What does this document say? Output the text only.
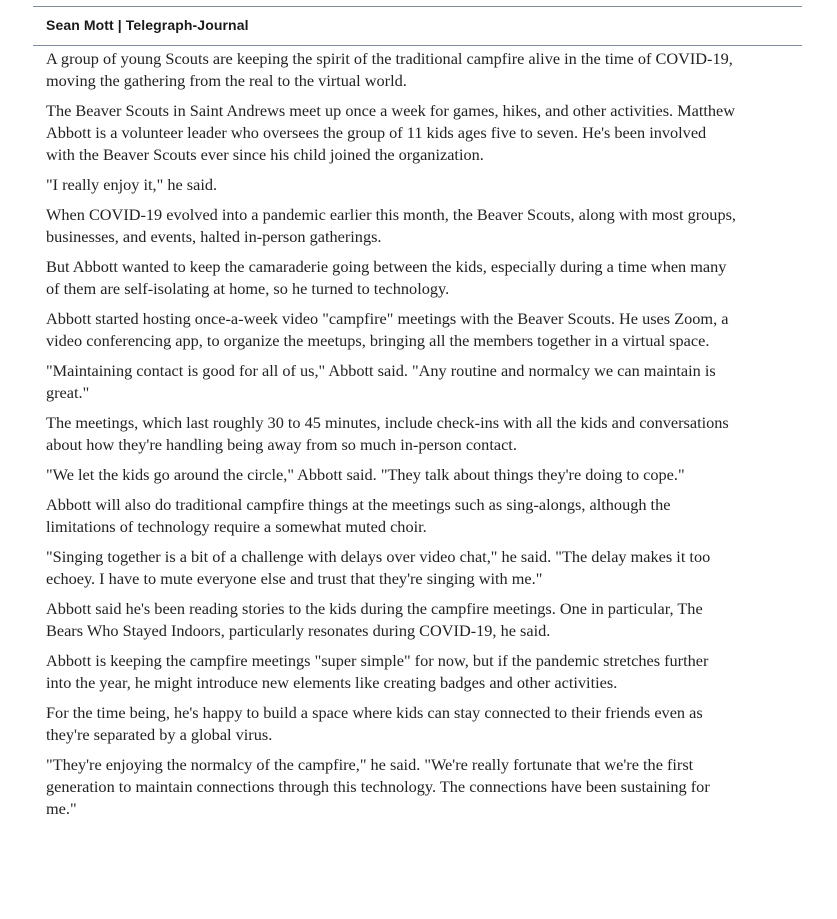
Sean Mott | Telegraph-Journal

A group of young Scouts are keeping the spirit of the traditional campfire alive in the time of COVID-19, moving the gathering from the real to the virtual world.

The Beaver Scouts in Saint Andrews meet up once a week for games, hikes, and other activities. Matthew Abbott is a volunteer leader who oversees the group of 11 kids ages five to seven. He's been involved with the Beaver Scouts ever since his child joined the organization.

"I really enjoy it," he said.

When COVID-19 evolved into a pandemic earlier this month, the Beaver Scouts, along with most groups, businesses, and events, halted in-person gatherings.

But Abbott wanted to keep the camaraderie going between the kids, especially during a time when many of them are self-isolating at home, so he turned to technology.

Abbott started hosting once-a-week video "campfire" meetings with the Beaver Scouts. He uses Zoom, a video conferencing app, to organize the meetups, bringing all the members together in a virtual space.

"Maintaining contact is good for all of us," Abbott said. "Any routine and normalcy we can maintain is great."

The meetings, which last roughly 30 to 45 minutes, include check-ins with all the kids and conversations about how they're handling being away from so much in-person contact.

"We let the kids go around the circle," Abbott said. "They talk about things they're doing to cope."

Abbott will also do traditional campfire things at the meetings such as sing-alongs, although the limitations of technology require a somewhat muted choir.

"Singing together is a bit of a challenge with delays over video chat," he said. "The delay makes it too echoey. I have to mute everyone else and trust that they're singing with me."

Abbott said he's been reading stories to the kids during the campfire meetings. One in particular, The Bears Who Stayed Indoors, particularly resonates during COVID-19, he said.

Abbott is keeping the campfire meetings "super simple" for now, but if the pandemic stretches further into the year, he might introduce new elements like creating badges and other activities.

For the time being, he's happy to build a space where kids can stay connected to their friends even as they're separated by a global virus.

"They're enjoying the normalcy of the campfire," he said. "We're really fortunate that we're the first generation to maintain connections through this technology. The connections have been sustaining for me."
